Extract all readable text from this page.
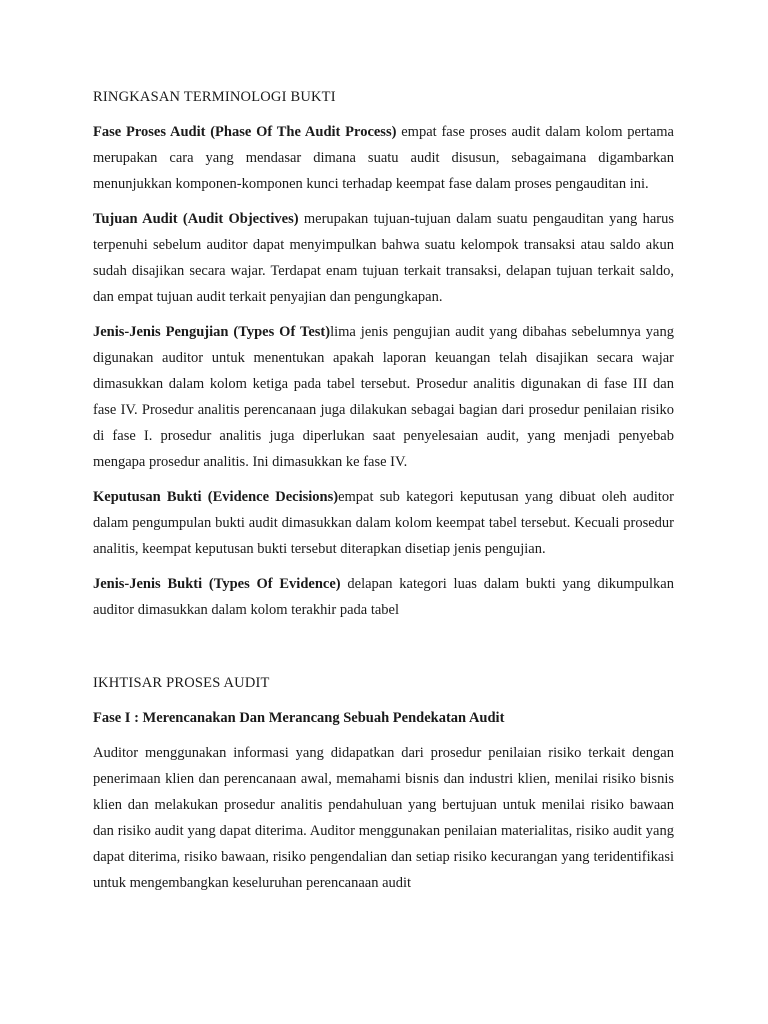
RINGKASAN TERMINOLOGI BUKTI

Fase Proses Audit (Phase Of The Audit Process) empat fase proses audit dalam kolom pertama merupakan cara yang mendasar dimana suatu audit disusun, sebagaimana digambarkan menunjukkan komponen-komponen kunci terhadap keempat fase dalam proses pengauditan ini.

Tujuan Audit (Audit Objectives) merupakan tujuan-tujuan dalam suatu pengauditan yang harus terpenuhi sebelum auditor dapat menyimpulkan bahwa suatu kelompok transaksi atau saldo akun sudah disajikan secara wajar. Terdapat enam tujuan terkait transaksi, delapan tujuan terkait saldo, dan empat tujuan audit terkait penyajian dan pengungkapan.

Jenis-Jenis Pengujian (Types Of Test)lima jenis pengujian audit yang dibahas sebelumnya yang digunakan auditor untuk menentukan apakah laporan keuangan telah disajikan secara wajar dimasukkan dalam kolom ketiga pada tabel tersebut. Prosedur analitis digunakan di fase III dan fase IV. Prosedur analitis perencanaan juga dilakukan sebagai bagian dari prosedur penilaian risiko di fase I. prosedur analitis juga diperlukan saat penyelesaian audit, yang menjadi penyebab mengapa prosedur analitis. Ini dimasukkan ke fase IV.

Keputusan Bukti (Evidence Decisions)empat sub kategori keputusan yang dibuat oleh auditor dalam pengumpulan bukti audit dimasukkan dalam kolom keempat tabel tersebut. Kecuali prosedur analitis, keempat keputusan bukti tersebut diterapkan disetiap jenis pengujian.

Jenis-Jenis Bukti (Types Of Evidence) delapan kategori luas dalam bukti yang dikumpulkan auditor dimasukkan dalam kolom terakhir pada tabel

IKHTISAR PROSES AUDIT
Fase I : Merencanakan Dan Merancang Sebuah Pendekatan Audit

Auditor menggunakan informasi yang didapatkan dari prosedur penilaian risiko terkait dengan penerimaan klien dan perencanaan awal, memahami bisnis dan industri klien, menilai risiko bisnis klien dan melakukan prosedur analitis pendahuluan yang bertujuan untuk menilai risiko bawaan dan risiko audit yang dapat diterima. Auditor menggunakan penilaian materialitas, risiko audit yang dapat diterima, risiko bawaan, risiko pengendalian dan setiap risiko kecurangan yang teridentifikasi untuk mengembangkan keseluruhan perencanaan audit
